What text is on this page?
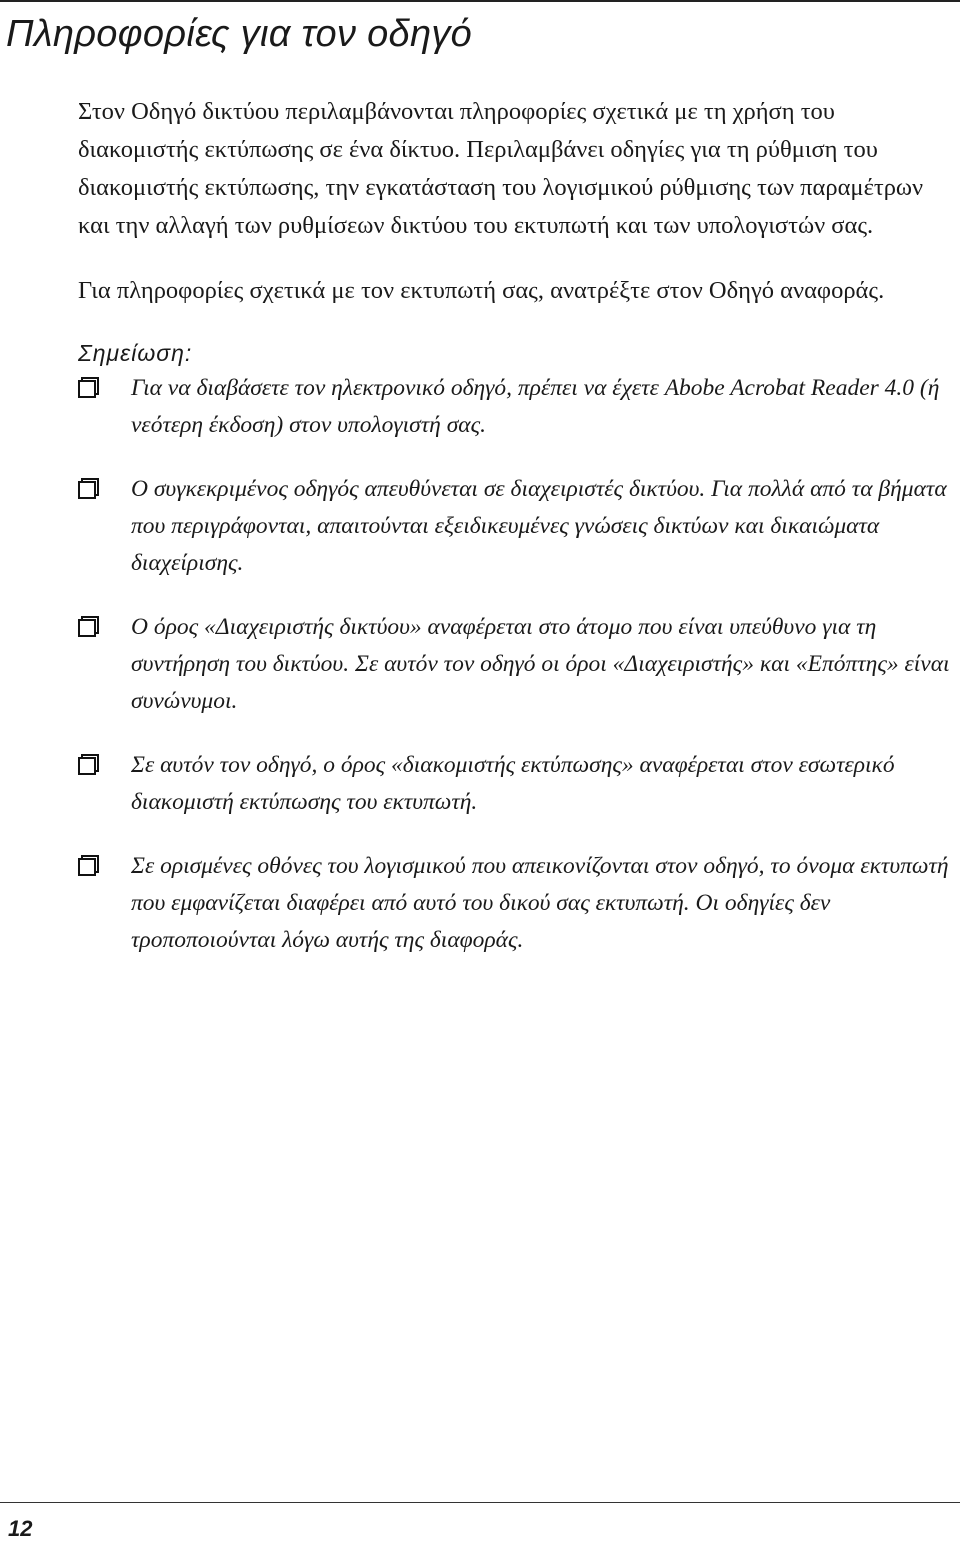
Πληροφορίες για τον οδηγό

Στον Οδηγό δικτύου περιλαμβάνονται πληροφορίες σχετικά με τη χρήση του διακομιστής εκτύπωσης σε ένα δίκτυο. Περιλαμβάνει οδηγίες για τη ρύθμιση του διακομιστής εκτύπωσης, την εγκατάσταση του λογισμικού ρύθμισης των παραμέτρων και την αλλαγή των ρυθμίσεων δικτύου του εκτυπωτή και των υπολογιστών σας.

Για πληροφορίες σχετικά με τον εκτυπωτή σας, ανατρέξτε στον Οδηγό αναφοράς.

Σημείωση:
Για να διαβάσετε τον ηλεκτρονικό οδηγό, πρέπει να έχετε Abobe Acrobat Reader 4.0 (ή νεότερη έκδοση) στον υπολογιστή σας.
Ο συγκεκριμένος οδηγός απευθύνεται σε διαχειριστές δικτύου. Για πολλά από τα βήματα που περιγράφονται, απαιτούνται εξειδικευμένες γνώσεις δικτύων και δικαιώματα διαχείρισης.
Ο όρος «Διαχειριστής δικτύου» αναφέρεται στο άτομο που είναι υπεύθυνο για τη συντήρηση του δικτύου. Σε αυτόν τον οδηγό οι όροι «Διαχειριστής» και «Επόπτης» είναι συνώνυμοι.
Σε αυτόν τον οδηγό, ο όρος «διακομιστής εκτύπωσης» αναφέρεται στον εσωτερικό διακομιστή εκτύπωσης του εκτυπωτή.
Σε ορισμένες οθόνες του λογισμικού που απεικονίζονται στον οδηγό, το όνομα εκτυπωτή που εμφανίζεται διαφέρει από αυτό του δικού σας εκτυπωτή. Οι οδηγίες δεν τροποποιούνται λόγω αυτής της διαφοράς.
12
